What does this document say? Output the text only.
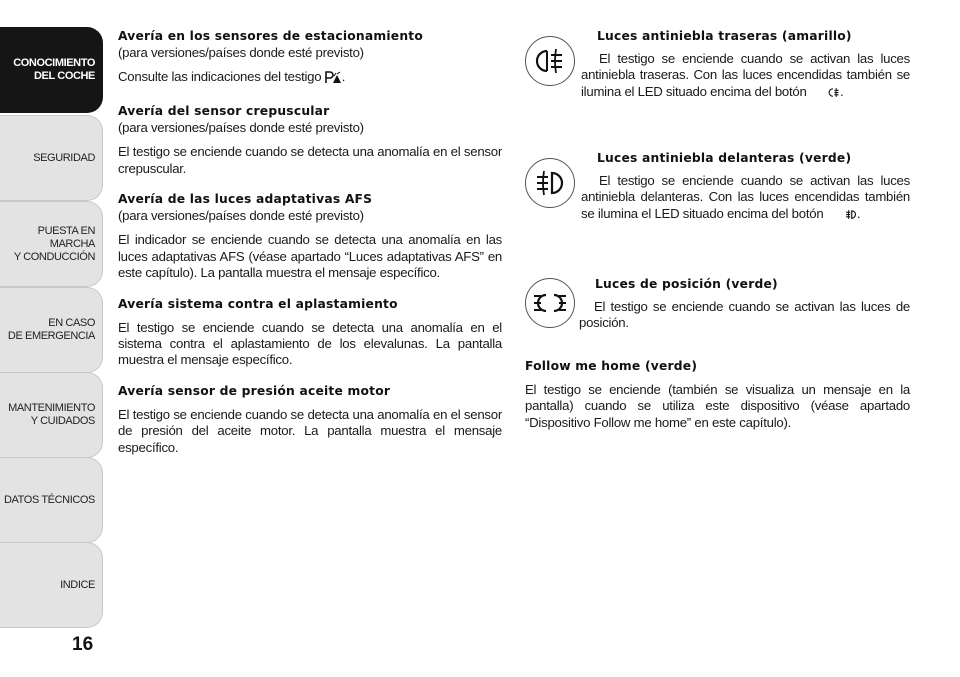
CONOCIMIENTO
DEL COCHE
SEGURIDAD
PUESTA EN MARCHA
Y CONDUCCIÓN
EN CASO
DE EMERGENCIA
MANTENIMIENTO
Y CUIDADOS
DATOS TÉCNICOS
INDICE
16
Avería en los sensores de estacionamiento
(para versiones/países donde esté previsto)
Consulte las indicaciones del testigo .
Avería del sensor crepuscular
(para versiones/países donde esté previsto)
El testigo se enciende cuando se detecta una anomalía en el sensor crepuscular.
Avería de las luces adaptativas AFS
(para versiones/países donde esté previsto)
El indicador se enciende cuando se detecta una anomalía en las luces adaptativas AFS (véase apartado “Luces adaptativas AFS” en este capítulo). La pantalla muestra el mensaje específico.
Avería sistema contra el aplastamiento
El testigo se enciende cuando se detecta una anomalía en el sistema contra el aplastamiento de los elevalunas. La pantalla muestra el mensaje específico.
Avería sensor de presión aceite motor
El testigo se enciende cuando se detecta una anomalía en el sensor de presión del aceite motor. La pantalla muestra el mensaje específico.
Luces antiniebla traseras (amarillo)
El testigo se enciende cuando se activan las luces antiniebla traseras. Con las luces encendidas también se ilumina el LED situado encima del botón	.
Luces antiniebla delanteras (verde)
El testigo se enciende cuando se activan las luces antiniebla delanteras. Con las luces encendidas también se ilumina el LED situado encima del botón	.
Luces de posición (verde)
El testigo se enciende cuando se activan las luces de posición.
Follow me home (verde)
El testigo se enciende (también se visualiza un mensaje en la pantalla) cuando se utiliza este dispositivo (véase apartado “Dispositivo Follow me home” en este capítulo).
